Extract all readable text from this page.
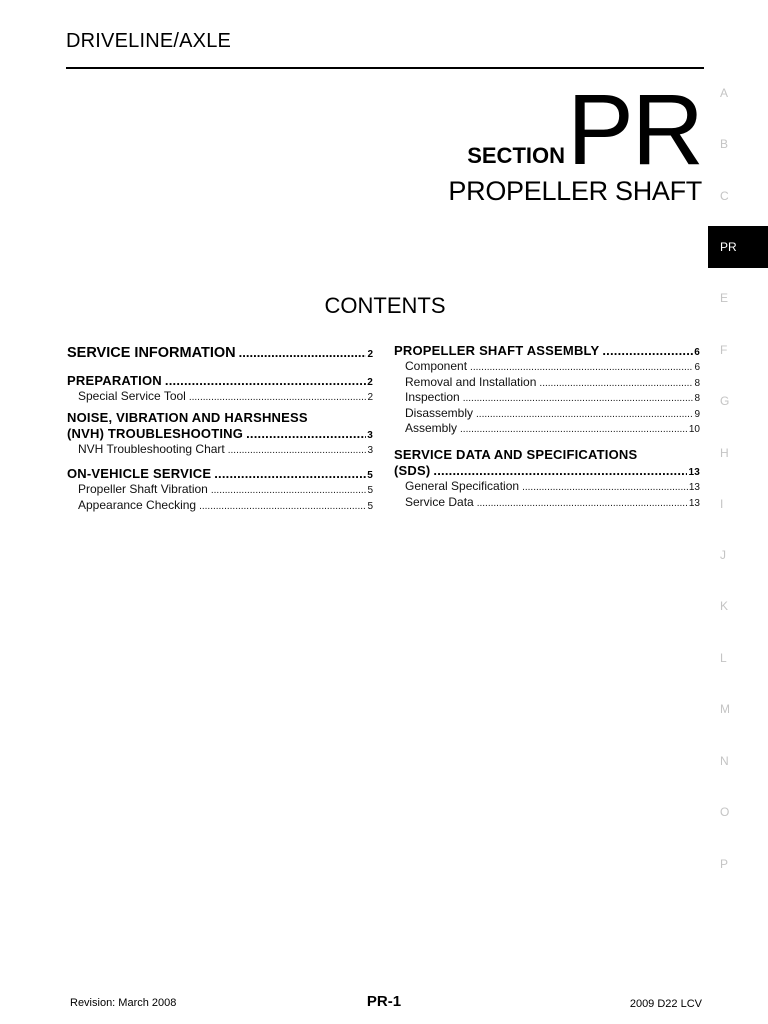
DRIVELINE/AXLE
PR
SECTION
PROPELLER SHAFT
A
B
C
PR
E
F
G
H
I
J
K
L
M
N
O
P
CONTENTS
SERVICE INFORMATION .....	2
PREPARATION .....	2
Special Service Tool .....	2
NOISE, VIBRATION AND HARSHNESS
(NVH) TROUBLESHOOTING .....	3
NVH Troubleshooting Chart .....	3
ON-VEHICLE SERVICE .....	5
Propeller Shaft Vibration .....	5
Appearance Checking .....	5
PROPELLER SHAFT ASSEMBLY .....	6
Component .....	6
Removal and Installation .....	8
Inspection .....	8
Disassembly .....	9
Assembly .....	10
SERVICE DATA AND SPECIFICATIONS
(SDS) .....	13
General Specification .....	13
Service Data .....	13
Revision: March 2008	PR-1	2009 D22 LCV
